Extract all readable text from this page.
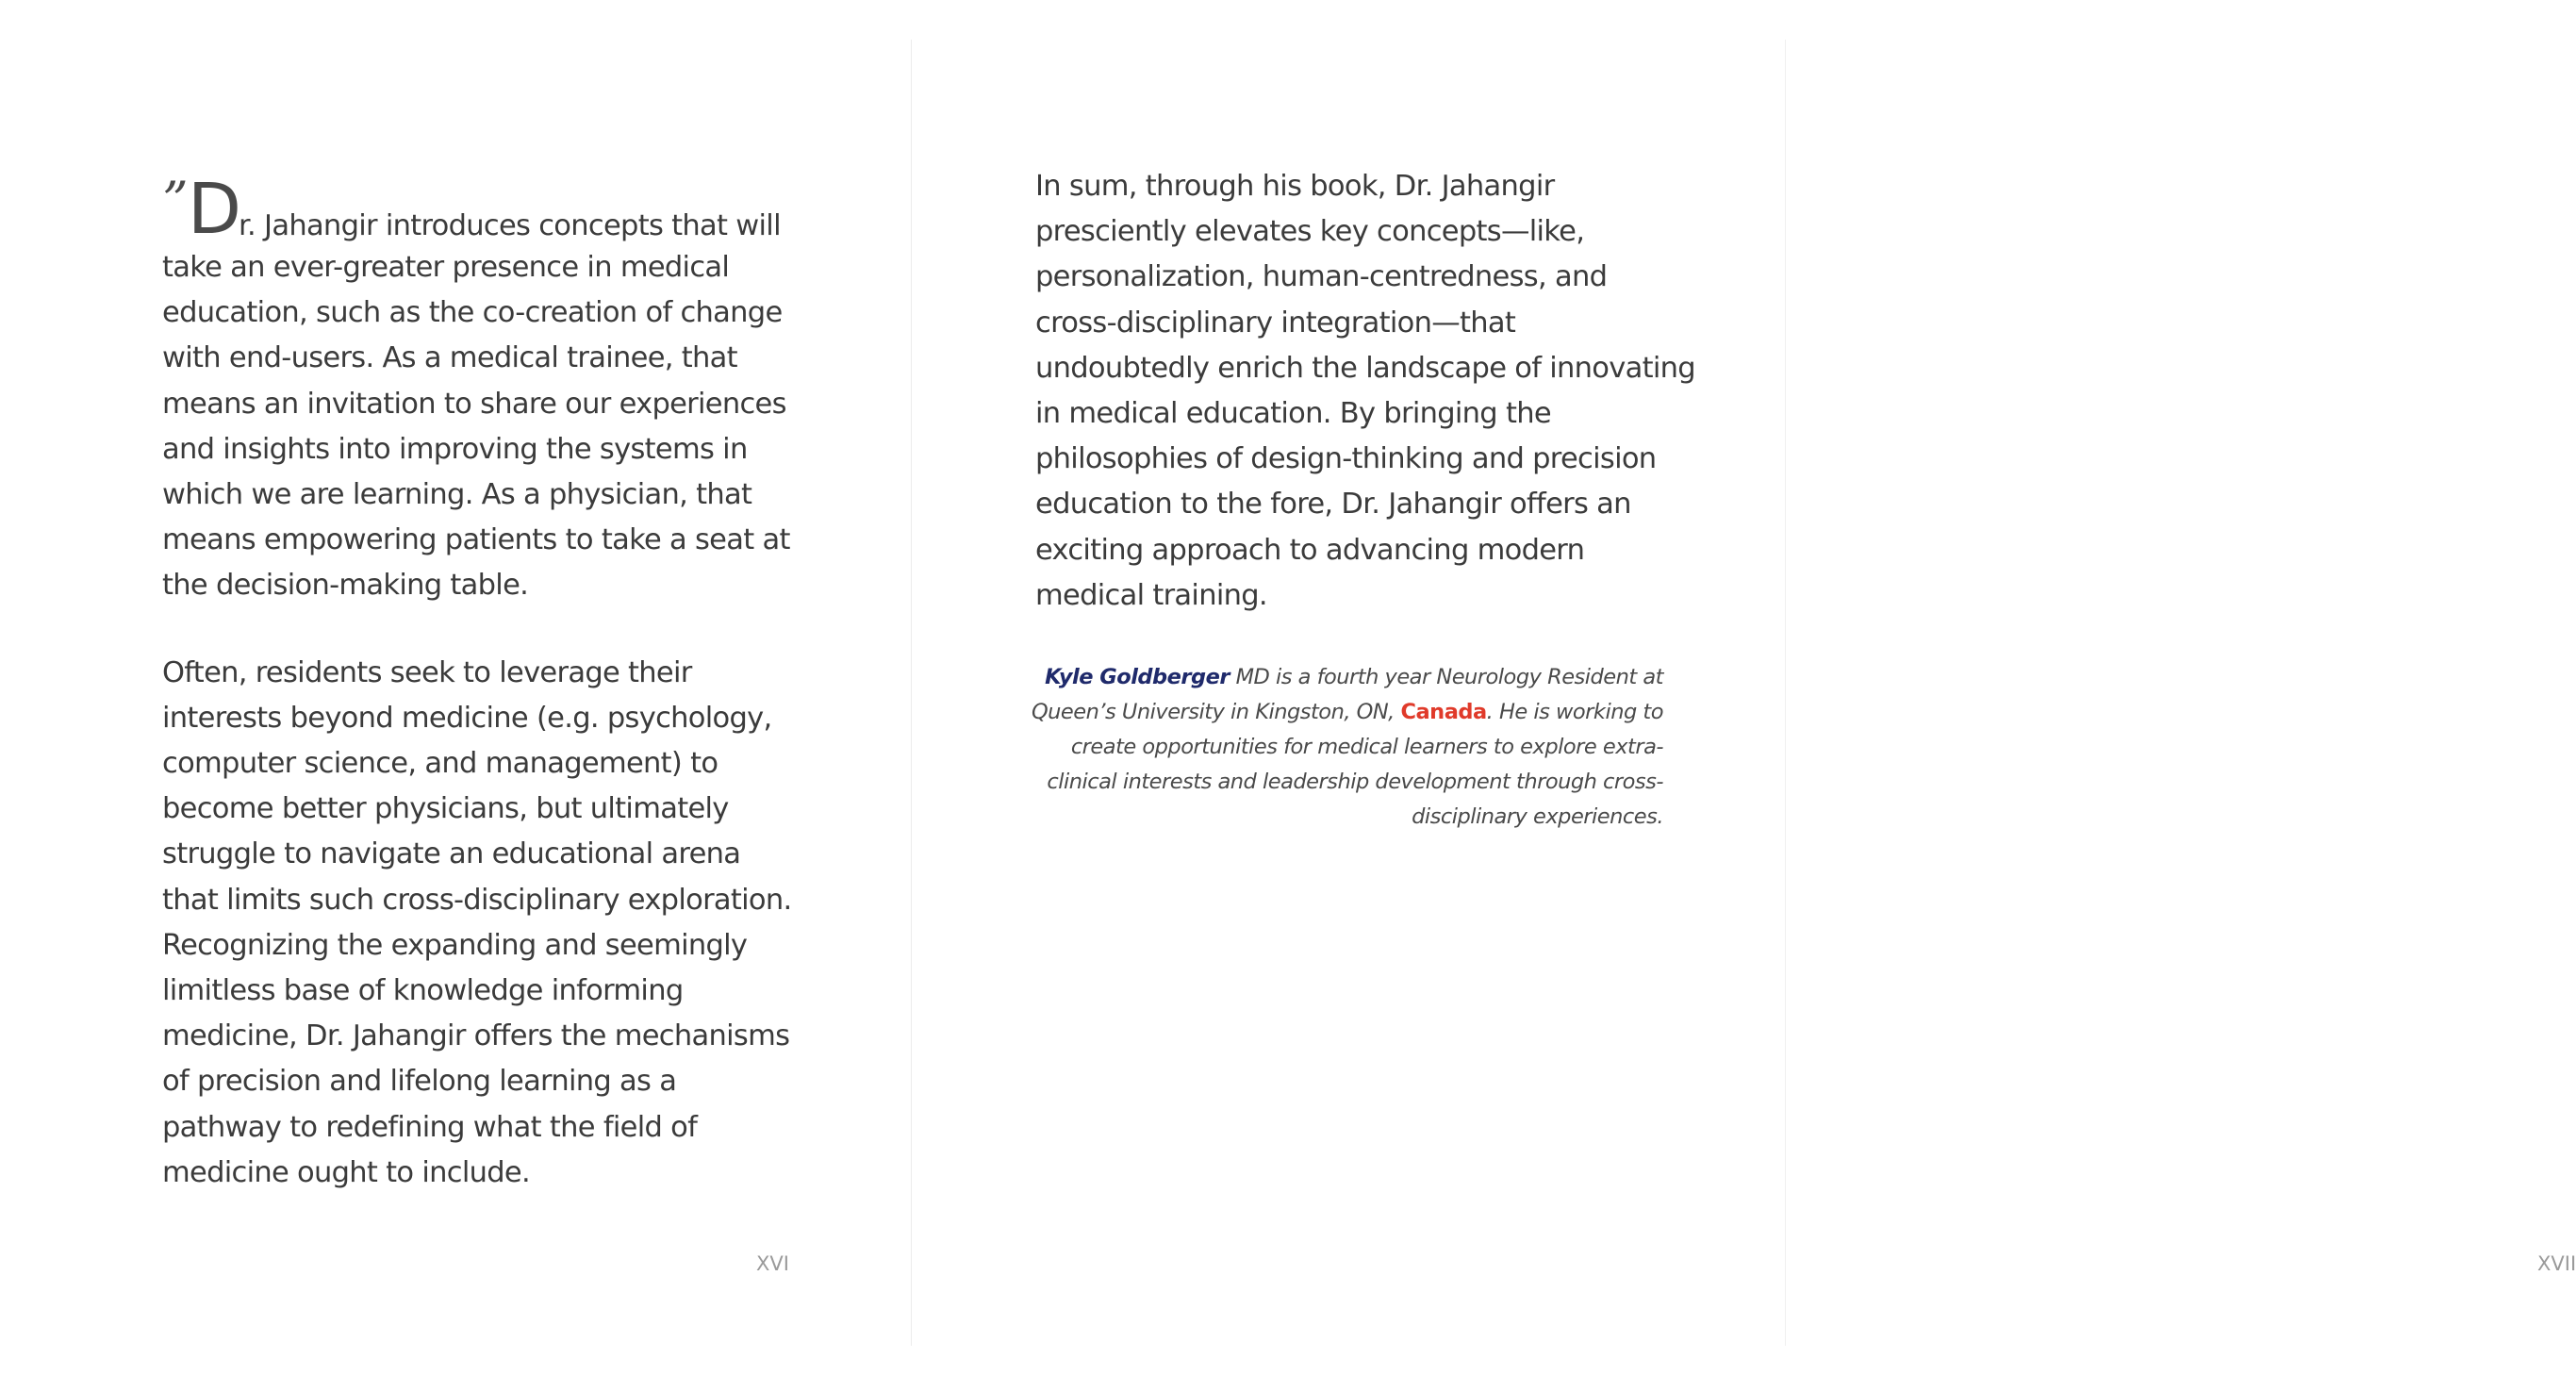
” D
r. Jahangir introduces concepts that will
take an ever-greater presence in medical education, such as the co-creation of change with end-users. As a medical trainee, that means an invitation to share our experiences and insights into improving the systems in which we are learning. As a physician, that means empowering patients to take a seat at the decision-making table.

Often, residents seek to leverage their interests beyond medicine (e.g. psychology, computer science, and management) to become better physicians, but ultimately struggle to navigate an educational arena that limits such cross-disciplinary exploration. Recognizing the expanding and seemingly limitless base of knowledge informing medicine, Dr. Jahangir offers the mechanisms of precision and lifelong learning as a pathway to redefining what the field of medicine ought to include.

XVI	XVII

In sum, through his book, Dr. Jahangir presciently elevates key concepts—like, personalization, human-centredness, and cross-disciplinary integration—that undoubtedly enrich the landscape of innovating in medical education. By bringing the philosophies of design-thinking and precision education to the fore, Dr. Jahangir offers an exciting approach to advancing modern medical training.

Kyle Goldberger MD is a fourth year Neurology Resident at Queen’s University in Kingston, ON, Canada. He is working to create opportunities for medical learners to explore extra-clinical interests and leadership development through cross-disciplinary experiences.
